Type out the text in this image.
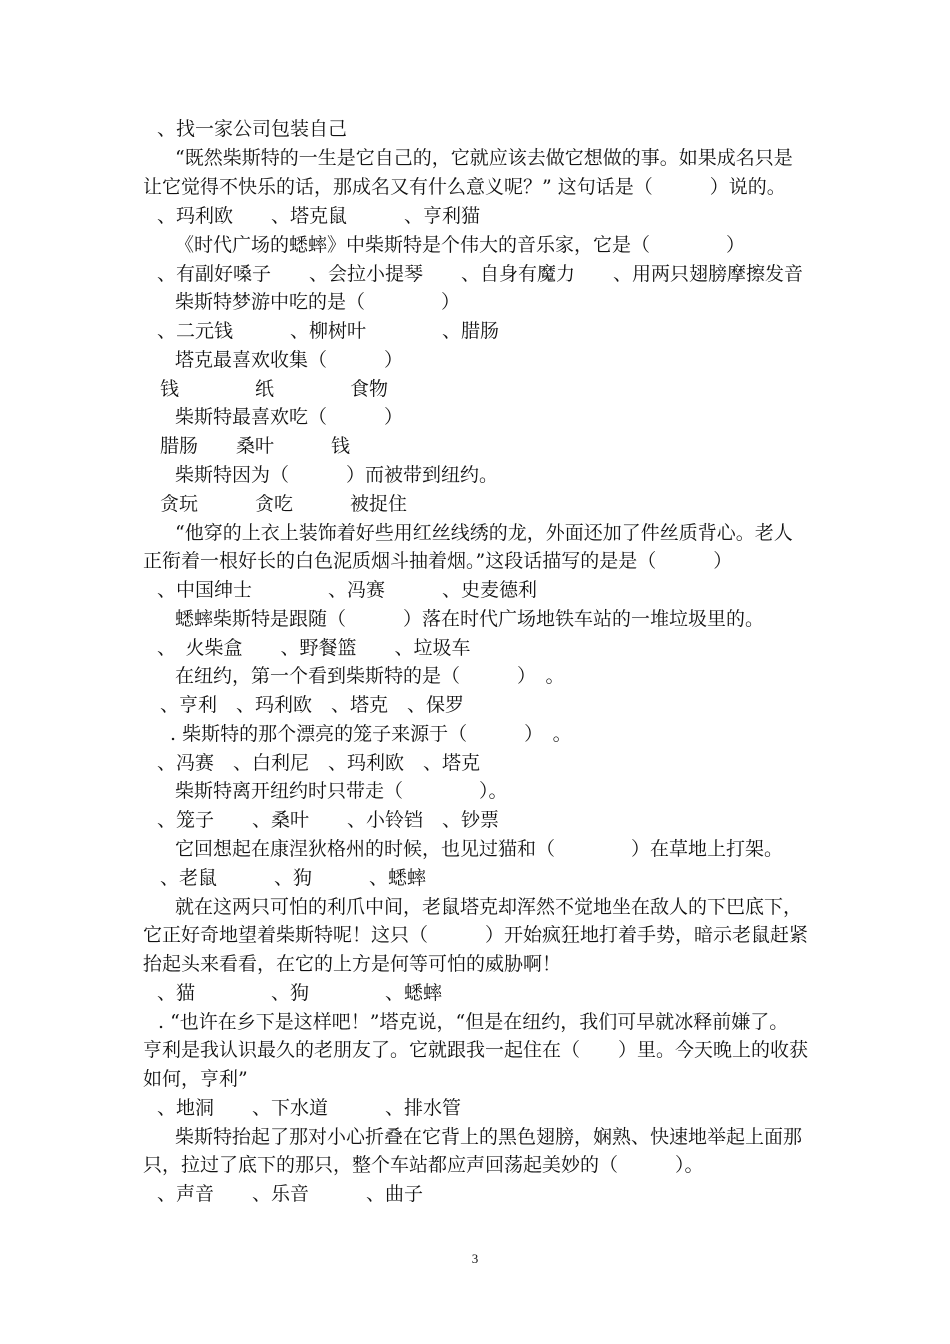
、找一家公司包装自己
“既然柴斯特的一生是它自己的，它就应该去做它想做的事。如果成名只是
让它觉得不快乐的话，那成名又有什么意义呢？” 这句话是（　　　）说的。
、玛利欧　　、塔克鼠　　　、亨利猫
《时代广场的蟋蟀》中柴斯特是个伟大的音乐家，它是（　　　　）
、有副好嗓子　　、会拉小提琴　　、自身有魔力　　、用两只翅膀摩擦发音
柴斯特梦游中吃的是（　　　　）
、二元钱　　　、柳树叶　　　　、腊肠
塔克最喜欢收集（　　　）
钱　　　　纸　　　　食物
柴斯特最喜欢吃（　　　）
腊肠　　桑叶　　　钱
柴斯特因为（　　　）而被带到纽约。
贪玩　　　贪吃　　　被捉住
“他穿的上衣上装饰着好些用红丝线绣的龙，外面还加了件丝质背心。老人
正衔着一根好长的白色泥质烟斗抽着烟。”这段话描写的是是（　　　）
、中国绅士　　　　、冯赛　　　、史麦德利
蟋蟀柴斯特是跟随（　　　）落在时代广场地铁车站的一堆垃圾里的。
、　火柴盒　　、野餐篮　　、垃圾车
在纽约，第一个看到柴斯特的是（　　　）　。
、亨利　、玛利欧　、塔克　、保罗
. 柴斯特的那个漂亮的笼子来源于（　　　）　。
、冯赛　、白利尼　、玛利欧　、塔克
柴斯特离开纽约时只带走（　　　　）。
、笼子　　、桑叶　　、小铃铛　、钞票
它回想起在康涅狄格州的时候，也见过猫和（　　　　）在草地上打架。
、老鼠　　　、狗　　　、蟋蟀
就在这两只可怕的利爪中间，老鼠塔克却浑然不觉地坐在敌人的下巴底下，
它正好奇地望着柴斯特呢！这只（　　　）开始疯狂地打着手势，暗示老鼠赶紧
抬起头来看看，在它的上方是何等可怕的威胁啊！
、猫　　　　、狗　　　　、蟋蟀
. “也许在乡下是这样吧！”塔克说，“但是在纽约，我们可早就冰释前嫌了。
亨利是我认识最久的老朋友了。它就跟我一起住在（　　）里。今天晚上的收获
如何，亨利”
、地洞　　、下水道　　　、排水管
柴斯特抬起了那对小心折叠在它背上的黑色翅膀，娴熟、快速地举起上面那
只，拉过了底下的那只，整个车站都应声回荡起美妙的（　　　）。
、声音　　、乐音　　　、曲子
3
